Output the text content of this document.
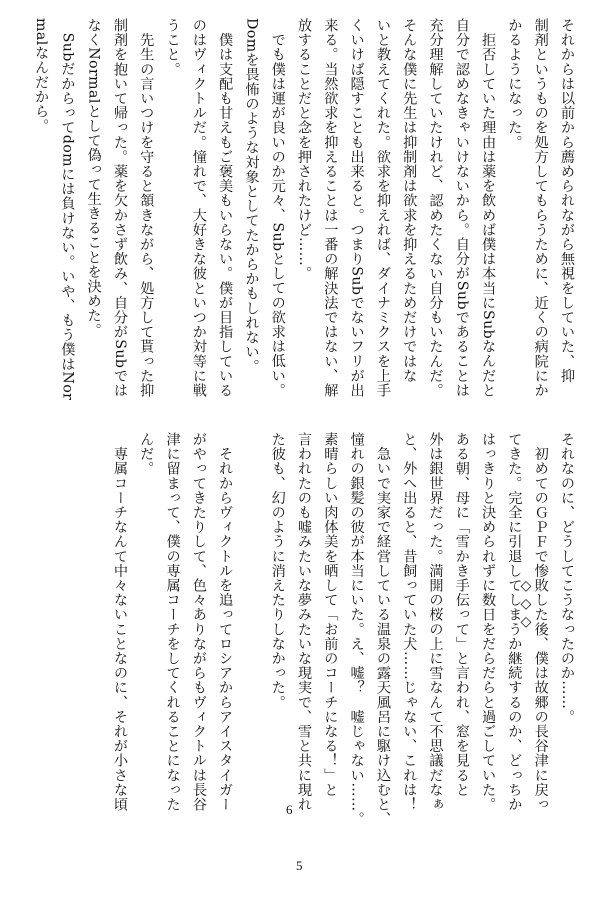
それからは以前から薦められながら無視をしていた、抑
制剤というものを処方してもらうために、近くの病院にか
かるようになった。
　拒否していた理由は薬を飲めば僕は本当にSubなんだと
自分で認めなきゃいけないから。自分がSubであることは
充分理解していたけれど、認めたくない自分もいたんだ。
そんな僕に先生は抑制剤は欲求を抑えるためだけではな
いと教えてくれた。欲求を抑えれば、ダイナミクスを上手
くいけば隠すことも出来ると。つまりSubでないフリが出
来る。当然欲求を抑えることは一番の解決法ではない、解
放することだと念を押されたけど……。
　でも僕は運が良いのか元々、Subとしての欲求は低い。
Domを畏怖のような対象としてたからかもしれない。
　僕は支配も甘えもご褒美もいらない。僕が目指している
のはヴィクトルだ。憧れで、大好きな彼といつか対等に戦
うこと。
　先生の言いつけを守ると頷きながら、処方して貰った抑
制剤を抱いて帰った。薬を欠かさず飲み、自分がSubでは
なくNormalとして偽って生きることを決めた。
　Subだからってdomには負けない。いや、もう僕はNor
malなんだから。
◇◇◇	それなのに、どうしてこうなったのか……。
　初めてのＧＰＦで惨敗した後、僕は故郷の長谷津に戻っ
てきた。完全に引退してしまうか継続するのか、どっちか
はっきりと決められずに数日をだらだらと過ごしていた。
ある朝、母に「雪かき手伝って」と言われ、窓を見ると
外は銀世界だった。満開の桜の上に雪なんて不思議だなぁ
と、外へ出ると、昔飼っていた犬……じゃない、これは！
　急いで実家で経営している温泉の露天風呂に駆け込むと、
憧れの銀髪の彼が本当にいた。え、嘘？　嘘じゃない……。
素晴らしい肉体美を晒して「お前のコーチになる！」と
言われたのも嘘みたいな夢みたいな現実で、雪と共に現れ
た彼も、幻のように消えたりしなかった。

　それからヴィクトルを追ってロシアからアイスタイガー
がやってきたりして、色々ありながらもヴィクトルは長谷
津に留まって、僕の専属コーチをしてくれることになった
んだ。
　専属コーチなんて中々ないことなのに、それが小さな頃	6
5
